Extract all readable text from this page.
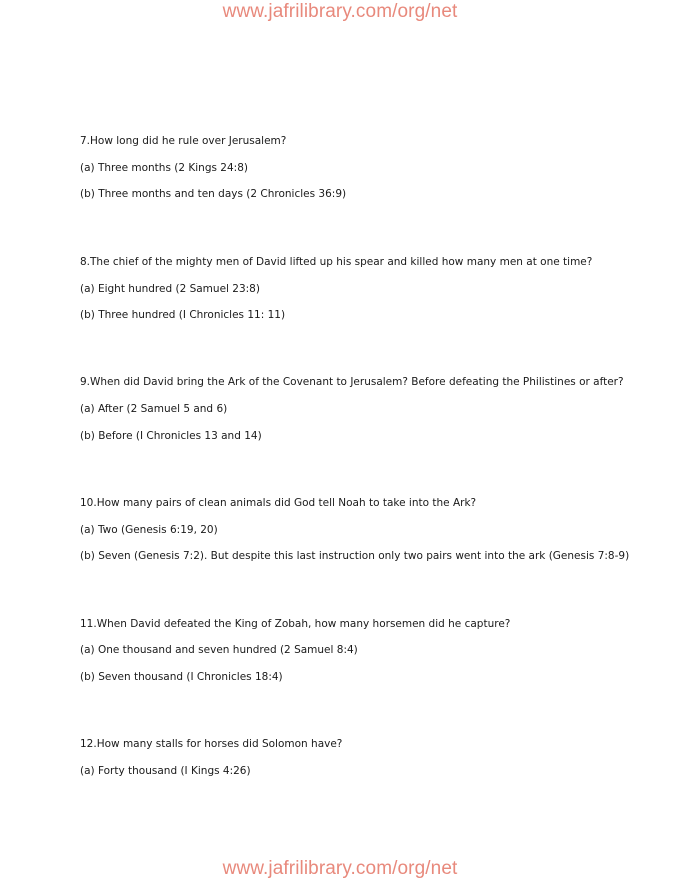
www.jafrilibrary.com/org/net
7.How long did he rule over Jerusalem?
(a) Three months (2 Kings 24:8)
(b) Three months and ten days (2 Chronicles 36:9)
8.The chief of the mighty men of David lifted up his spear and killed how many men at one time?
(a) Eight hundred (2 Samuel 23:8)
(b) Three hundred (I Chronicles 11: 11)
9.When did David bring the Ark of the Covenant to Jerusalem? Before defeating the Philistines or after?
(a) After (2 Samuel 5 and 6)
(b) Before (I Chronicles 13 and 14)
10.How many pairs of clean animals did God tell Noah to take into the Ark?
(a) Two (Genesis 6:19, 20)
(b) Seven (Genesis 7:2). But despite this last instruction only two pairs went into the ark (Genesis 7:8-9)
11.When David defeated the King of Zobah, how many horsemen did he capture?
(a) One thousand and seven hundred (2 Samuel 8:4)
(b) Seven thousand (I Chronicles 18:4)
12.How many stalls for horses did Solomon have?
(a) Forty thousand (I Kings 4:26)
www.jafrilibrary.com/org/net
